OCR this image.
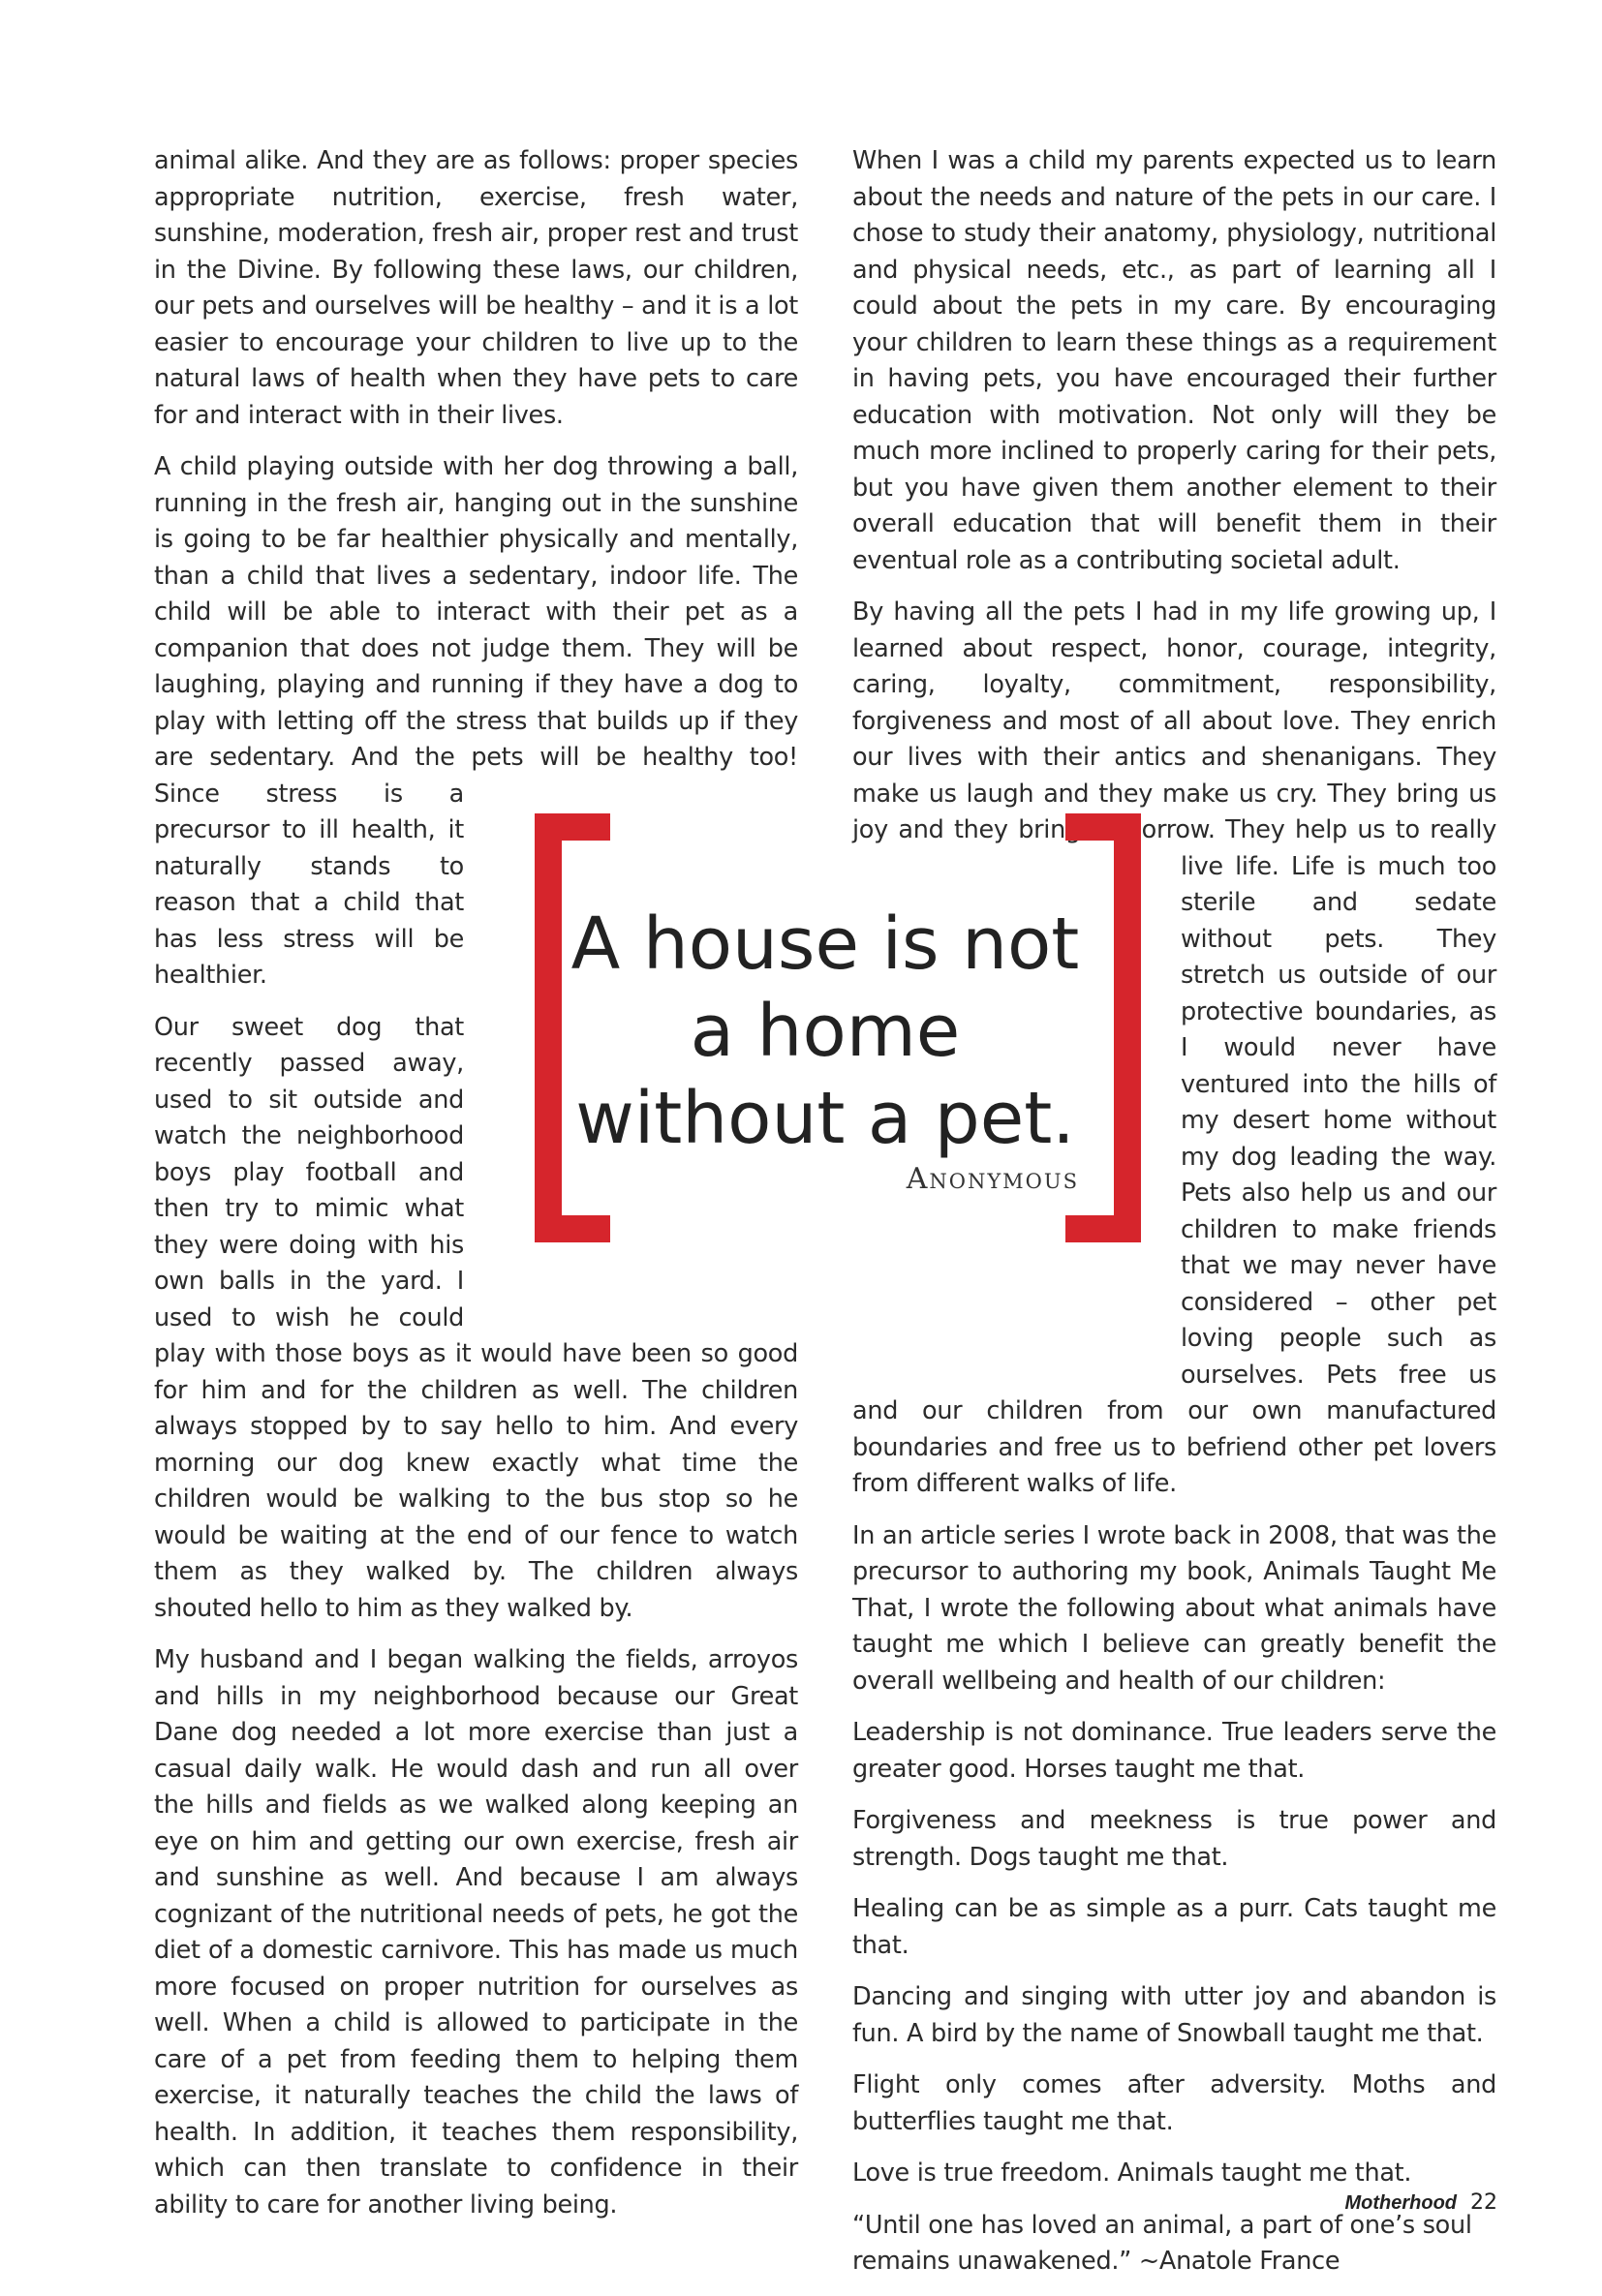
animal alike. And they are as follows: proper species appropriate nutrition, exercise, fresh water, sunshine, moderation, fresh air, proper rest and trust in the Divine. By following these laws, our children, our pets and ourselves will be healthy – and it is a lot easier to encourage your children to live up to the natural laws of health when they have pets to care for and interact with in their lives.

A child playing outside with her dog throwing a ball, running in the fresh air, hanging out in the sunshine is going to be far healthier physically and mentally, than a child that lives a sedentary, indoor life. The child will be able to interact with their pet as a companion that does not judge them. They will be laughing, playing and running if they have a dog to play with letting off the stress that builds up if they are sedentary. And the pets
will be healthy too! Since stress is a precursor to ill health, it naturally stands to reason that a child that has less stress will be healthier.

Our sweet dog that recently passed away, used to sit outside and watch the neighborhood boys play football and then try to mimic what they were doing with his own balls in the yard. I used to wish he could play with those boys as it would have been so good for him and for the children as well. The children always stopped by to say hello to him. And every morning our dog knew exactly what time the children would be walking to the bus stop so he would be waiting at the end of our fence to watch them as they walked by. The children always shouted hello to him as they walked by.

My husband and I began walking the fields, arroyos and hills in my neighborhood because our Great Dane dog needed a lot more exercise than just a casual daily walk. He would dash and run all over the hills and fields as we walked along keeping an eye on him and getting our own exercise, fresh air and sunshine as well. And because I am always cognizant of the nutritional needs of pets, he got the diet of a domestic carnivore. This has made us much more focused on proper nutrition for ourselves as well. When a child is allowed to participate in the care of a pet from feeding them to helping them exercise, it naturally teaches the child the laws of health. In addition, it teaches them responsibility, which can then translate to confidence in their ability to care for another living being.

When I was a child my parents expected us to learn about the needs and nature of the pets in our care. I chose to study their anatomy, physiology, nutritional and physical needs, etc., as part of learning all I could about the pets in my care. By encouraging your children to learn these things as a requirement in having pets, you have encouraged their further education with motivation. Not only will they be much more inclined to properly caring for their pets, but you have given them another element to their overall education that will benefit them in their eventual role as a contributing societal adult.

By having all the pets I had in my life growing up, I learned about respect, honor, courage, integrity, caring, loyalty, commitment, responsibility, forgiveness and most of all about love. They enrich our lives with their antics and shenanigans. They make us laugh and they make us cry. They bring us joy and they bring us sorrow. They help
us to really live life. Life is much too sterile and sedate without pets. They stretch us outside of our protective boundaries, as I would never have ventured into the hills of my desert home without my dog leading the way. Pets also help us and our children to make friends that we may never have considered – other pet loving people such as ourselves. Pets free us and our children from our own manufactured boundaries and free us to befriend other pet lovers from different walks of life.

In an article series I wrote back in 2008, that was the precursor to authoring my book, Animals Taught Me That, I wrote the following about what animals have taught me which I believe can greatly benefit the overall wellbeing and health of our children:

Leadership is not dominance. True leaders serve the greater good. Horses taught me that.

Forgiveness and meekness is true power and strength. Dogs taught me that.

Healing can be as simple as a purr. Cats taught me that.

Dancing and singing with utter joy and abandon is fun. A bird by the name of Snowball taught me that.

Flight only comes after adversity. Moths and butterflies taught me that.

Love is true freedom. Animals taught me that.

“Until one has loved an animal, a part of one’s soul remains unawakened.” ~Anatole France

A house is not a home without a pet.
Anonymous
Motherhood 22
